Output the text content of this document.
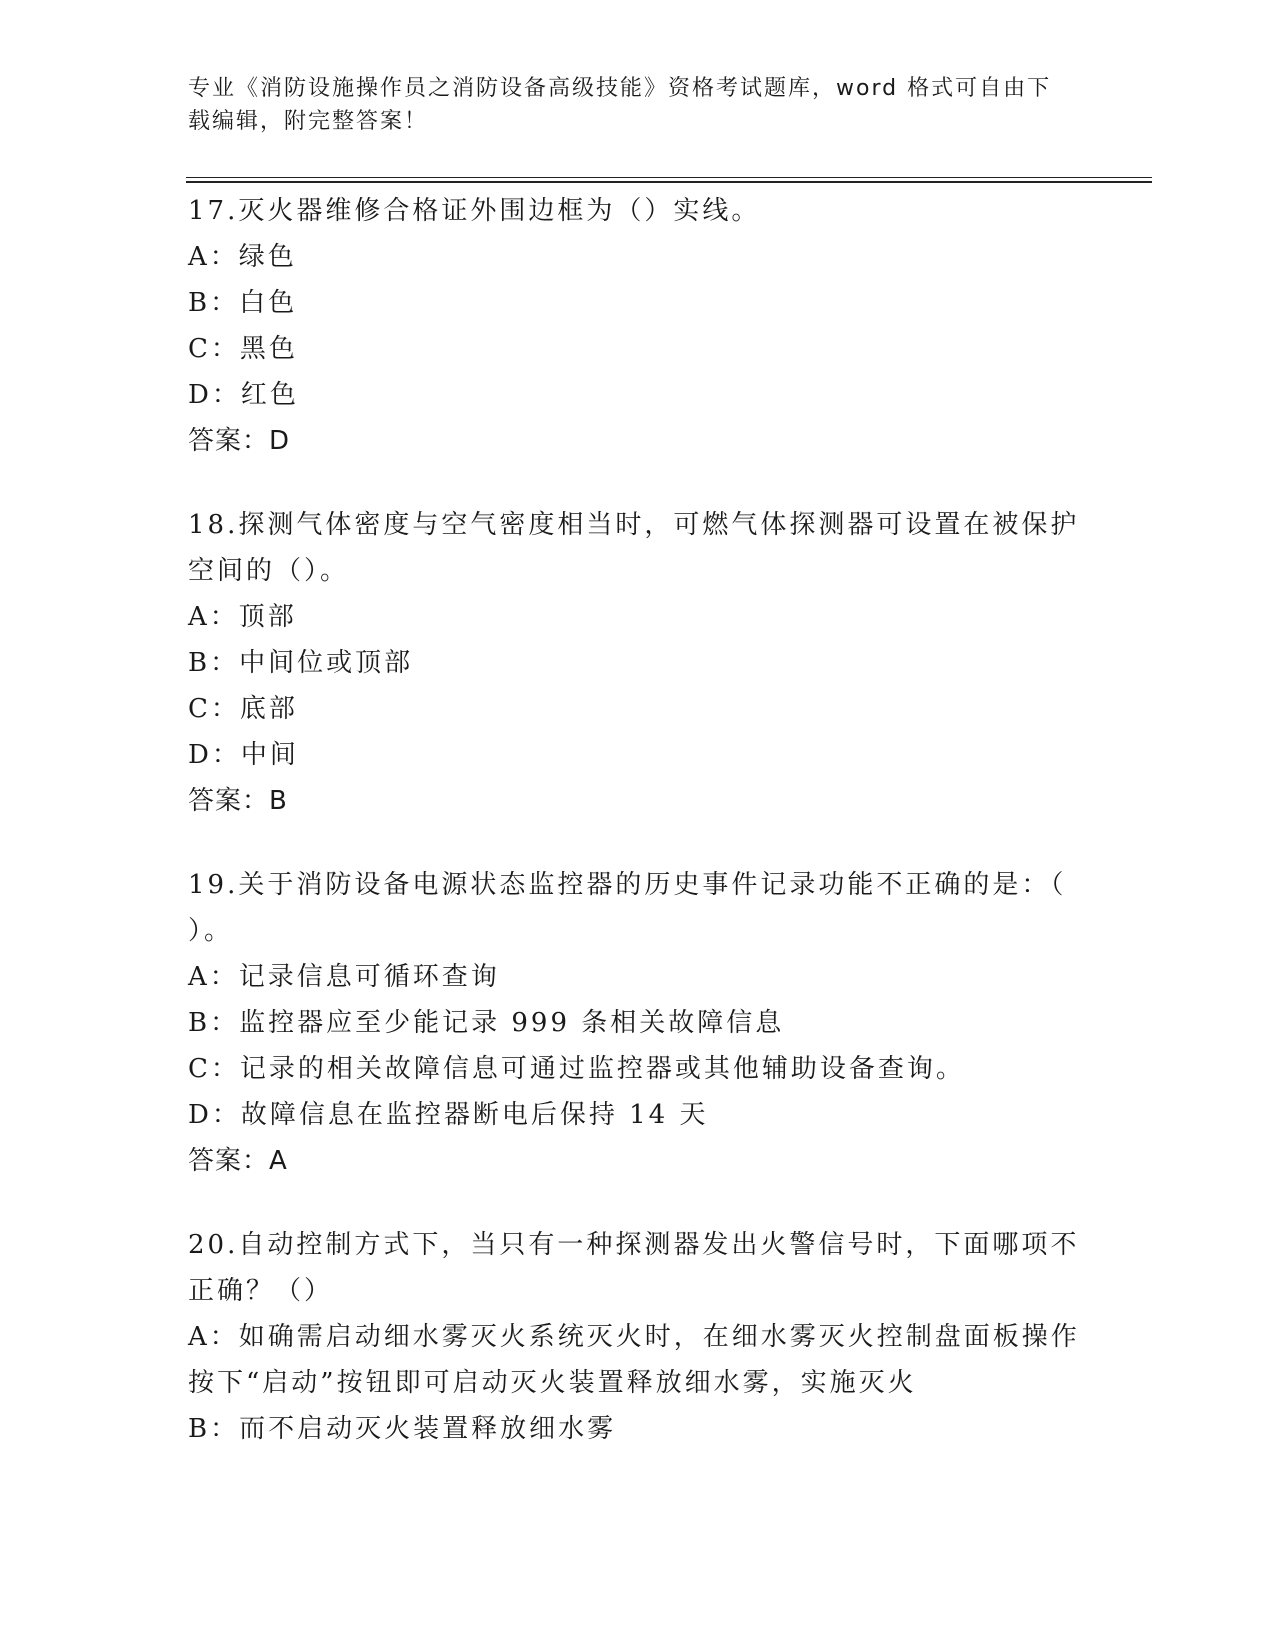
专业《消防设施操作员之消防设备高级技能》资格考试题库，word 格式可自由下
载编辑，附完整答案！

17.灭火器维修合格证外围边框为（）实线。

A：绿色

B：白色

C：黑色

D：红色

答案：D

18.探测气体密度与空气密度相当时，可燃气体探测器可设置在被保护

空间的（）。

A：顶部

B：中间位或顶部

C：底部

D：中间

答案：B

19.关于消防设备电源状态监控器的历史事件记录功能不正确的是：（

）。

A：记录信息可循环查询

B：监控器应至少能记录 999 条相关故障信息

C：记录的相关故障信息可通过监控器或其他辅助设备查询。

D：故障信息在监控器断电后保持 14 天

答案：A

20.自动控制方式下，当只有一种探测器发出火警信号时，下面哪项不

正确？（）

A：如确需启动细水雾灭火系统灭火时，在细水雾灭火控制盘面板操作

按下“启动”按钮即可启动灭火装置释放细水雾，实施灭火

B：而不启动灭火装置释放细水雾
